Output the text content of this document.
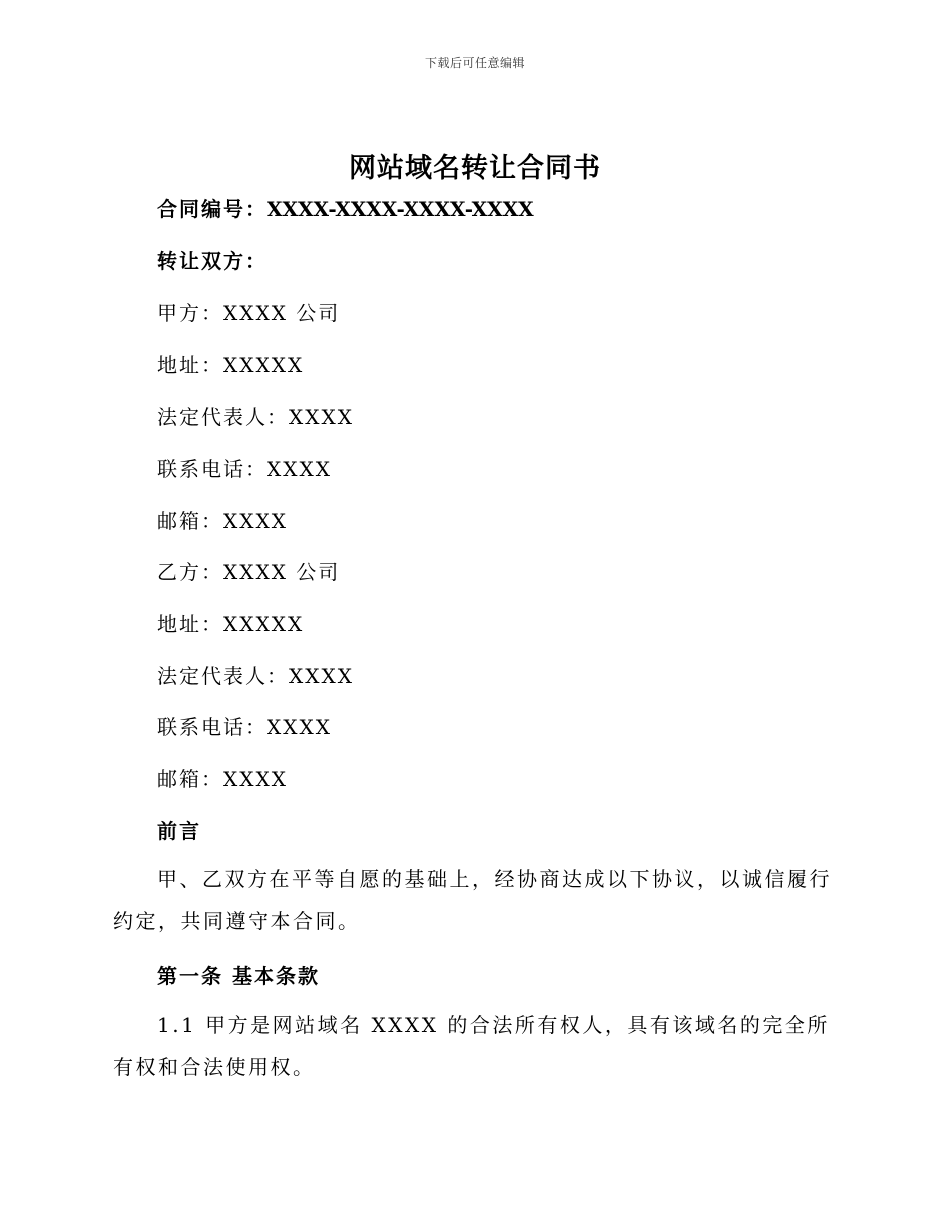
下载后可任意编辑
网站域名转让合同书
合同编号：XXXX-XXXX-XXXX-XXXX
转让双方：
甲方：XXXX 公司
地址：XXXXX
法定代表人：XXXX
联系电话：XXXX
邮箱：XXXX
乙方：XXXX 公司
地址：XXXXX
法定代表人：XXXX
联系电话：XXXX
邮箱：XXXX
前言
甲、乙双方在平等自愿的基础上，经协商达成以下协议，以诚信履行约定，共同遵守本合同。
第一条 基本条款
1.1 甲方是网站域名 XXXX 的合法所有权人，具有该域名的完全所有权和合法使用权。
